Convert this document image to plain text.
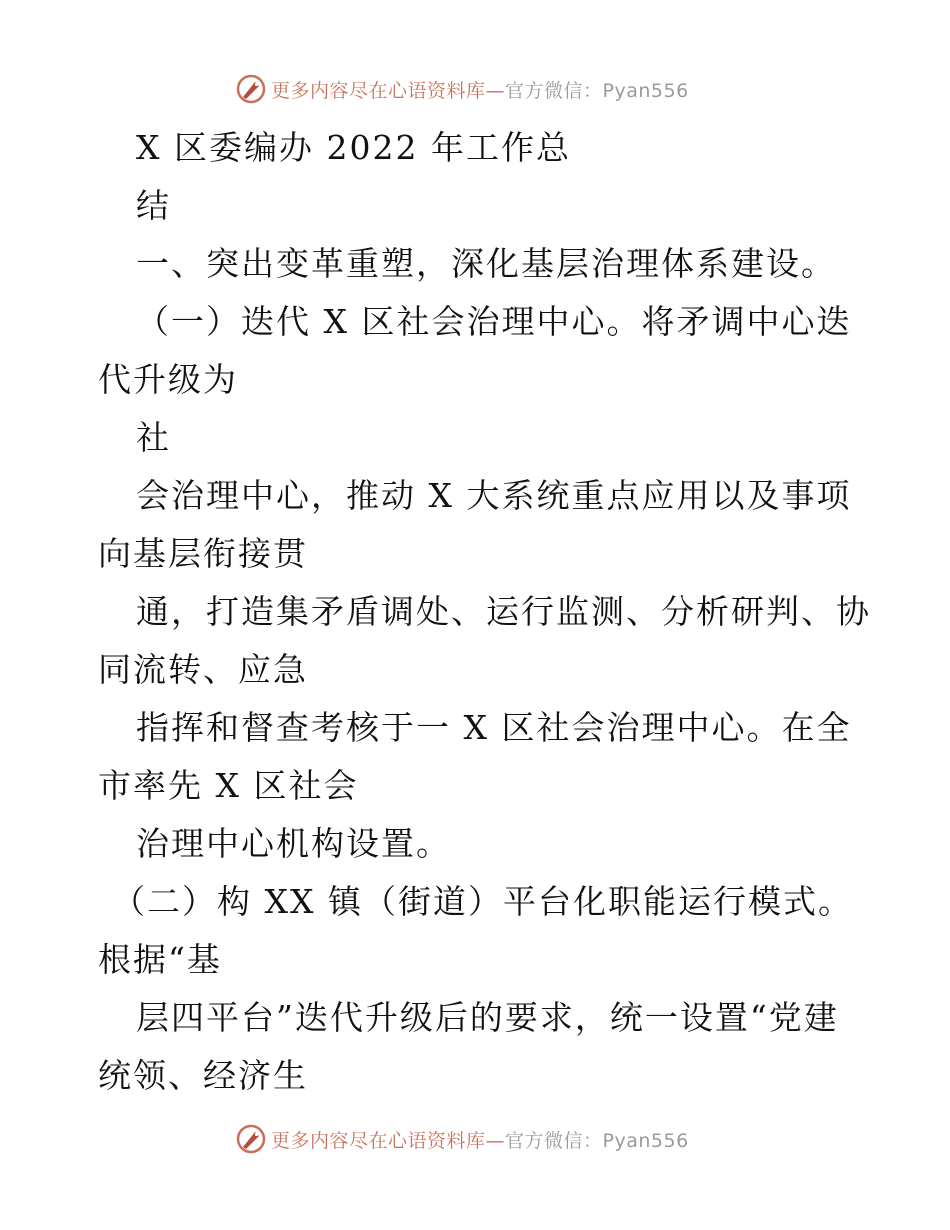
更多内容尽在心语资料库—官方微信：Pyan556
X 区委编办 2022 年工作总
结
一、突出变革重塑，深化基层治理体系建设。
（一）迭代 X 区社会治理中心。将矛调中心迭
代升级为
社
会治理中心，推动 X 大系统重点应用以及事项
向基层衔接贯
通，打造集矛盾调处、运行监测、分析研判、协
同流转、应急
指挥和督查考核于一 X 区社会治理中心。在全
市率先 X 区社会
治理中心机构设置。
（二）构 XX 镇（街道）平台化职能运行模式。
根据“基
层四平台”迭代升级后的要求，统一设置“党建
统领、经济生
更多内容尽在心语资料库—官方微信：Pyan556
